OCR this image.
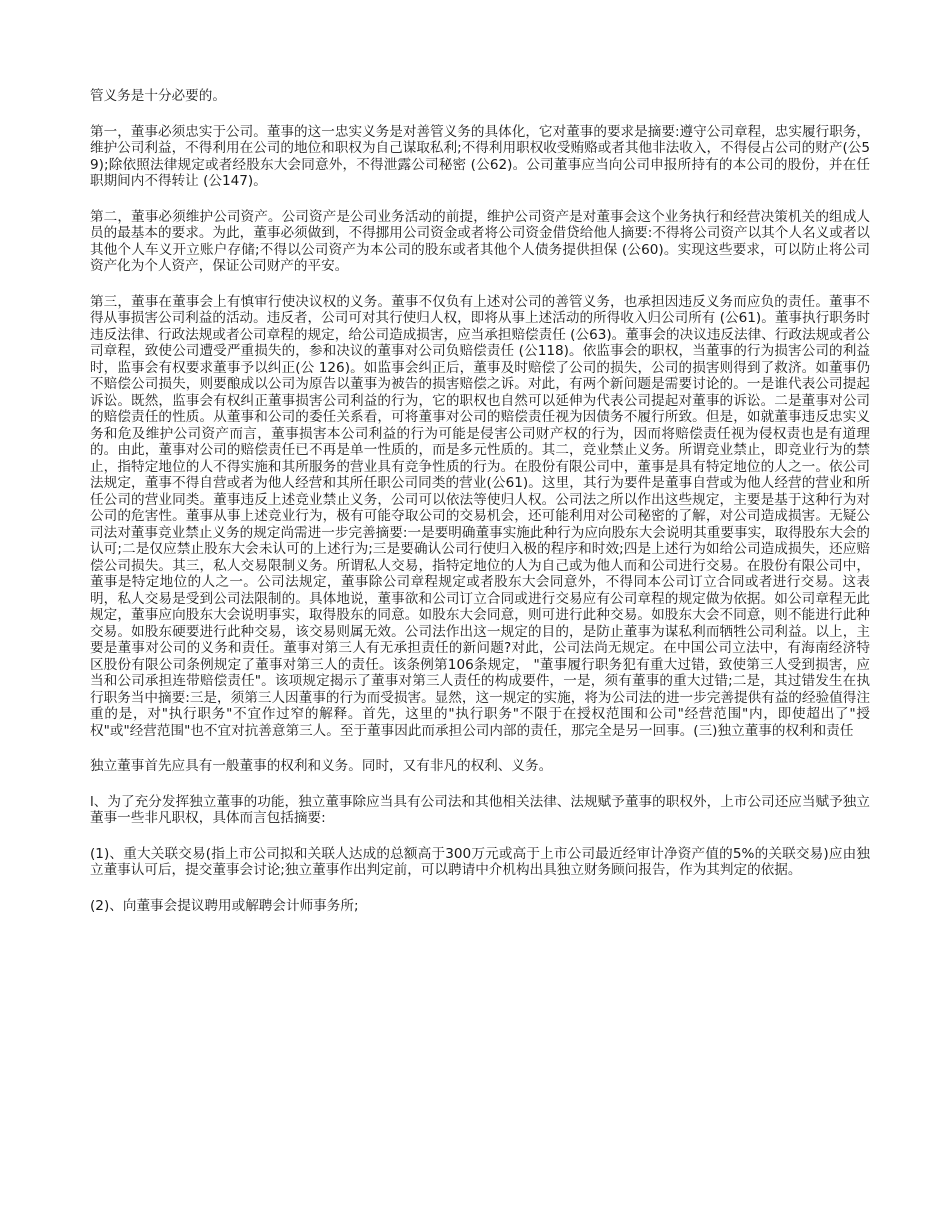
管义务是十分必要的。

第一，董事必须忠实于公司。董事的这一忠实义务是对善管义务的具体化，它对董事的要求是摘要:遵守公司章程，忠实履行职务，维护公司利益，不得利用在公司的地位和职权为自己谋取私利;不得利用职权收受贿赂或者其他非法收入，不得侵占公司的财产(公59);除依照法律规定或者经股东大会同意外，不得泄露公司秘密 (公62)。公司董事应当向公司申报所持有的本公司的股份，并在任职期间内不得转让 (公147)。

第二，董事必须维护公司资产。公司资产是公司业务活动的前提，维护公司资产是对董事会这个业务执行和经营决策机关的组成人员的最基本的要求。为此，董事必须做到，不得挪用公司资金或者将公司资金借贷给他人摘要:不得将公司资产以其个人名义或者以其他个人车义开立账户存储;不得以公司资产为本公司的股东或者其他个人债务提供担保 (公60)。实现这些要求，可以防止将公司资产化为个人资产，保证公司财产的平安。

第三，董事在董事会上有慎审行使决议权的义务。董事不仅负有上述对公司的善管义务，也承担因违反义务而应负的责任。董事不得从事损害公司利益的活动。违反者，公司可对其行使归人权，即将从事上述活动的所得收入归公司所有 (公61)。董事执行职务时违反法律、行政法规或者公司章程的规定，给公司造成损害，应当承担赔偿责任 (公63)。董事会的决议违反法律、行政法规或者公司章程，致使公司遭受严重损失的，参和决议的董事对公司负赔偿责任 (公118)。依监事会的职权，当董事的行为损害公司的利益时，监事会有权要求董事予以纠正(公 126)。如监事会纠正后，董事及时赔偿了公司的损失，公司的损害则得到了救济。如董事仍不赔偿公司损失，则要酿成以公司为原告以董事为被告的损害赔偿之诉。对此，有两个新问题是需要讨论的。一是谁代表公司提起诉讼。既然，监事会有权纠正董事损害公司利益的行为，它的职权也自然可以延伸为代表公司提起对董事的诉讼。二是董事对公司的赔偿责任的性质。从董事和公司的委任关系看，可将董事对公司的赔偿责任视为因债务不履行所致。但是，如就董事违反忠实义务和危及维护公司资产而言，董事损害本公司利益的行为可能是侵害公司财产权的行为，因而将赔偿责任视为侵权责也是有道理的。由此，董事对公司的赔偿责任已不再是单一性质的，而是多元性质的。其二，竞业禁止义务。所谓竞业禁止，即竞业行为的禁止，指特定地位的人不得实施和其所服务的营业具有竞争性质的行为。在股份有限公司中，董事是具有特定地位的人之一。依公司法规定，董事不得自营或者为他人经营和其所任职公司同类的营业(公61)。这里，其行为要件是董事自营或为他人经营的营业和所任公司的营业同类。董事违反上述竞业禁止义务，公司可以依法等使归人权。公司法之所以作出这些规定，主要是基于这种行为对公司的危害性。董事从事上述竞业行为，极有可能夺取公司的交易机会，还可能利用对公司秘密的了解，对公司造成损害。无疑公司法对董事竞业禁止义务的规定尚需进一步完善摘要:一是要明确董事实施此种行为应向股东大会说明其重要事实，取得股东大会的认可;二是仅应禁止股东大会未认可的上述行为;三是要确认公司行使归入极的程序和时效;四是上述行为如给公司造成损失，还应赔偿公司损失。其三，私人交易限制义务。所谓私人交易，指特定地位的人为自己或为他人而和公司进行交易。在股份有限公司中，董事是特定地位的人之一。公司法规定，董事除公司章程规定或者股东大会同意外，不得同本公司订立合同或者进行交易。这表明，私人交易是受到公司法限制的。具体地说，董事欲和公司订立合同或进行交易应有公司章程的规定做为依据。如公司章程无此规定，董事应向股东大会说明事实，取得股东的同意。如股东大会同意，则可进行此种交易。如股东大会不同意，则不能进行此种交易。如股东硬要进行此种交易，该交易则属无效。公司法作出这一规定的目的，是防止董事为谋私利而牺牲公司利益。以上，主要是董事对公司的义务和责任。董事对第三人有无承担责任的新问题?对此，公司法尚无规定。在中国公司立法中，有海南经济特区股份有限公司条例规定了董事对第三人的责任。该条例第106条规定， "董事履行职务犯有重大过错，致使第三人受到损害，应当和公司承担连带赔偿责任"。该项规定揭示了董事对第三人责任的构成要件，一是，须有董事的重大过错;二是，其过错发生在执行职务当中摘要:三是，须第三人因董事的行为而受损害。显然，这一规定的实施，将为公司法的进一步完善提供有益的经验值得注重的是，对"执行职务"不宜作过窄的解释。首先，这里的"执行职务"不限于在授权范围和公司"经营范围"内，即使超出了"授权"或"经营范围"也不宜对抗善意第三人。至于董事因此而承担公司内部的责任，那完全是另一回事。(三)独立董事的权利和责任

独立董事首先应具有一般董事的权利和义务。同时，又有非凡的权利、义务。

l、为了充分发挥独立董事的功能，独立董事除应当具有公司法和其他相关法律、法规赋予董事的职权外，上市公司还应当赋予独立董事一些非凡职权，具体而言包括摘要:

(1)、重大关联交易(指上市公司拟和关联人达成的总额高于300万元或高于上市公司最近经审计净资产值的5%的关联交易)应由独立董事认可后，提交董事会讨论;独立董事作出判定前，可以聘请中介机构出具独立财务顾问报告，作为其判定的依据。

(2)、向董事会提议聘用或解聘会计师事务所;
